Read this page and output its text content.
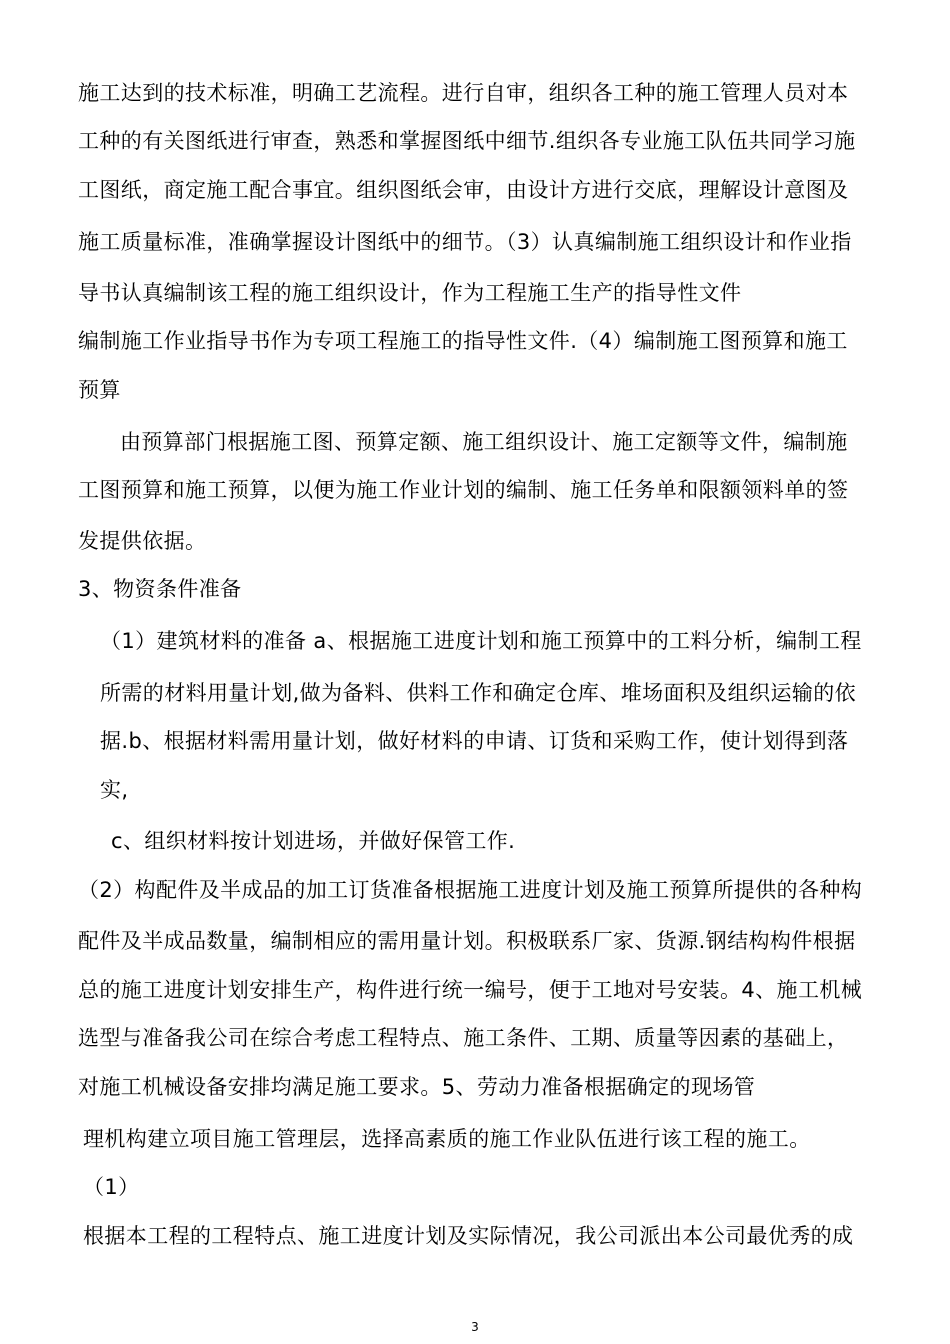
施工达到的技术标准，明确工艺流程。进行自审，组织各工种的施工管理人员对本
工种的有关图纸进行审查，熟悉和掌握图纸中细节.组织各专业施工队伍共同学习施
工图纸，商定施工配合事宜。组织图纸会审，由设计方进行交底，理解设计意图及
施工质量标准，准确掌握设计图纸中的细节。（3）认真编制施工组织设计和作业指
导书认真编制该工程的施工组织设计，作为工程施工生产的指导性文件
编制施工作业指导书作为专项工程施工的指导性文件.（4）编制施工图预算和施工
预算
由预算部门根据施工图、预算定额、施工组织设计、施工定额等文件，编制施
工图预算和施工预算，以便为施工作业计划的编制、施工任务单和限额领料单的签
发提供依据。
3、物资条件准备
（1）建筑材料的准备 a、根据施工进度计划和施工预算中的工料分析，编制工程
所需的材料用量计划,做为备料、供料工作和确定仓库、堆场面积及组织运输的依
据.b、根据材料需用量计划，做好材料的申请、订货和采购工作，使计划得到落
实,
c、组织材料按计划进场，并做好保管工作.
（2）构配件及半成品的加工订货准备根据施工进度计划及施工预算所提供的各种构
配件及半成品数量，编制相应的需用量计划。积极联系厂家、货源.钢结构构件根据
总的施工进度计划安排生产，构件进行统一编号，便于工地对号安装。4、施工机械
选型与准备我公司在综合考虑工程特点、施工条件、工期、质量等因素的基础上，
对施工机械设备安排均满足施工要求。5、劳动力准备根据确定的现场管
理机构建立项目施工管理层，选择高素质的施工作业队伍进行该工程的施工。
（1）
根据本工程的工程特点、施工进度计划及实际情况，我公司派出本公司最优秀的成
3
